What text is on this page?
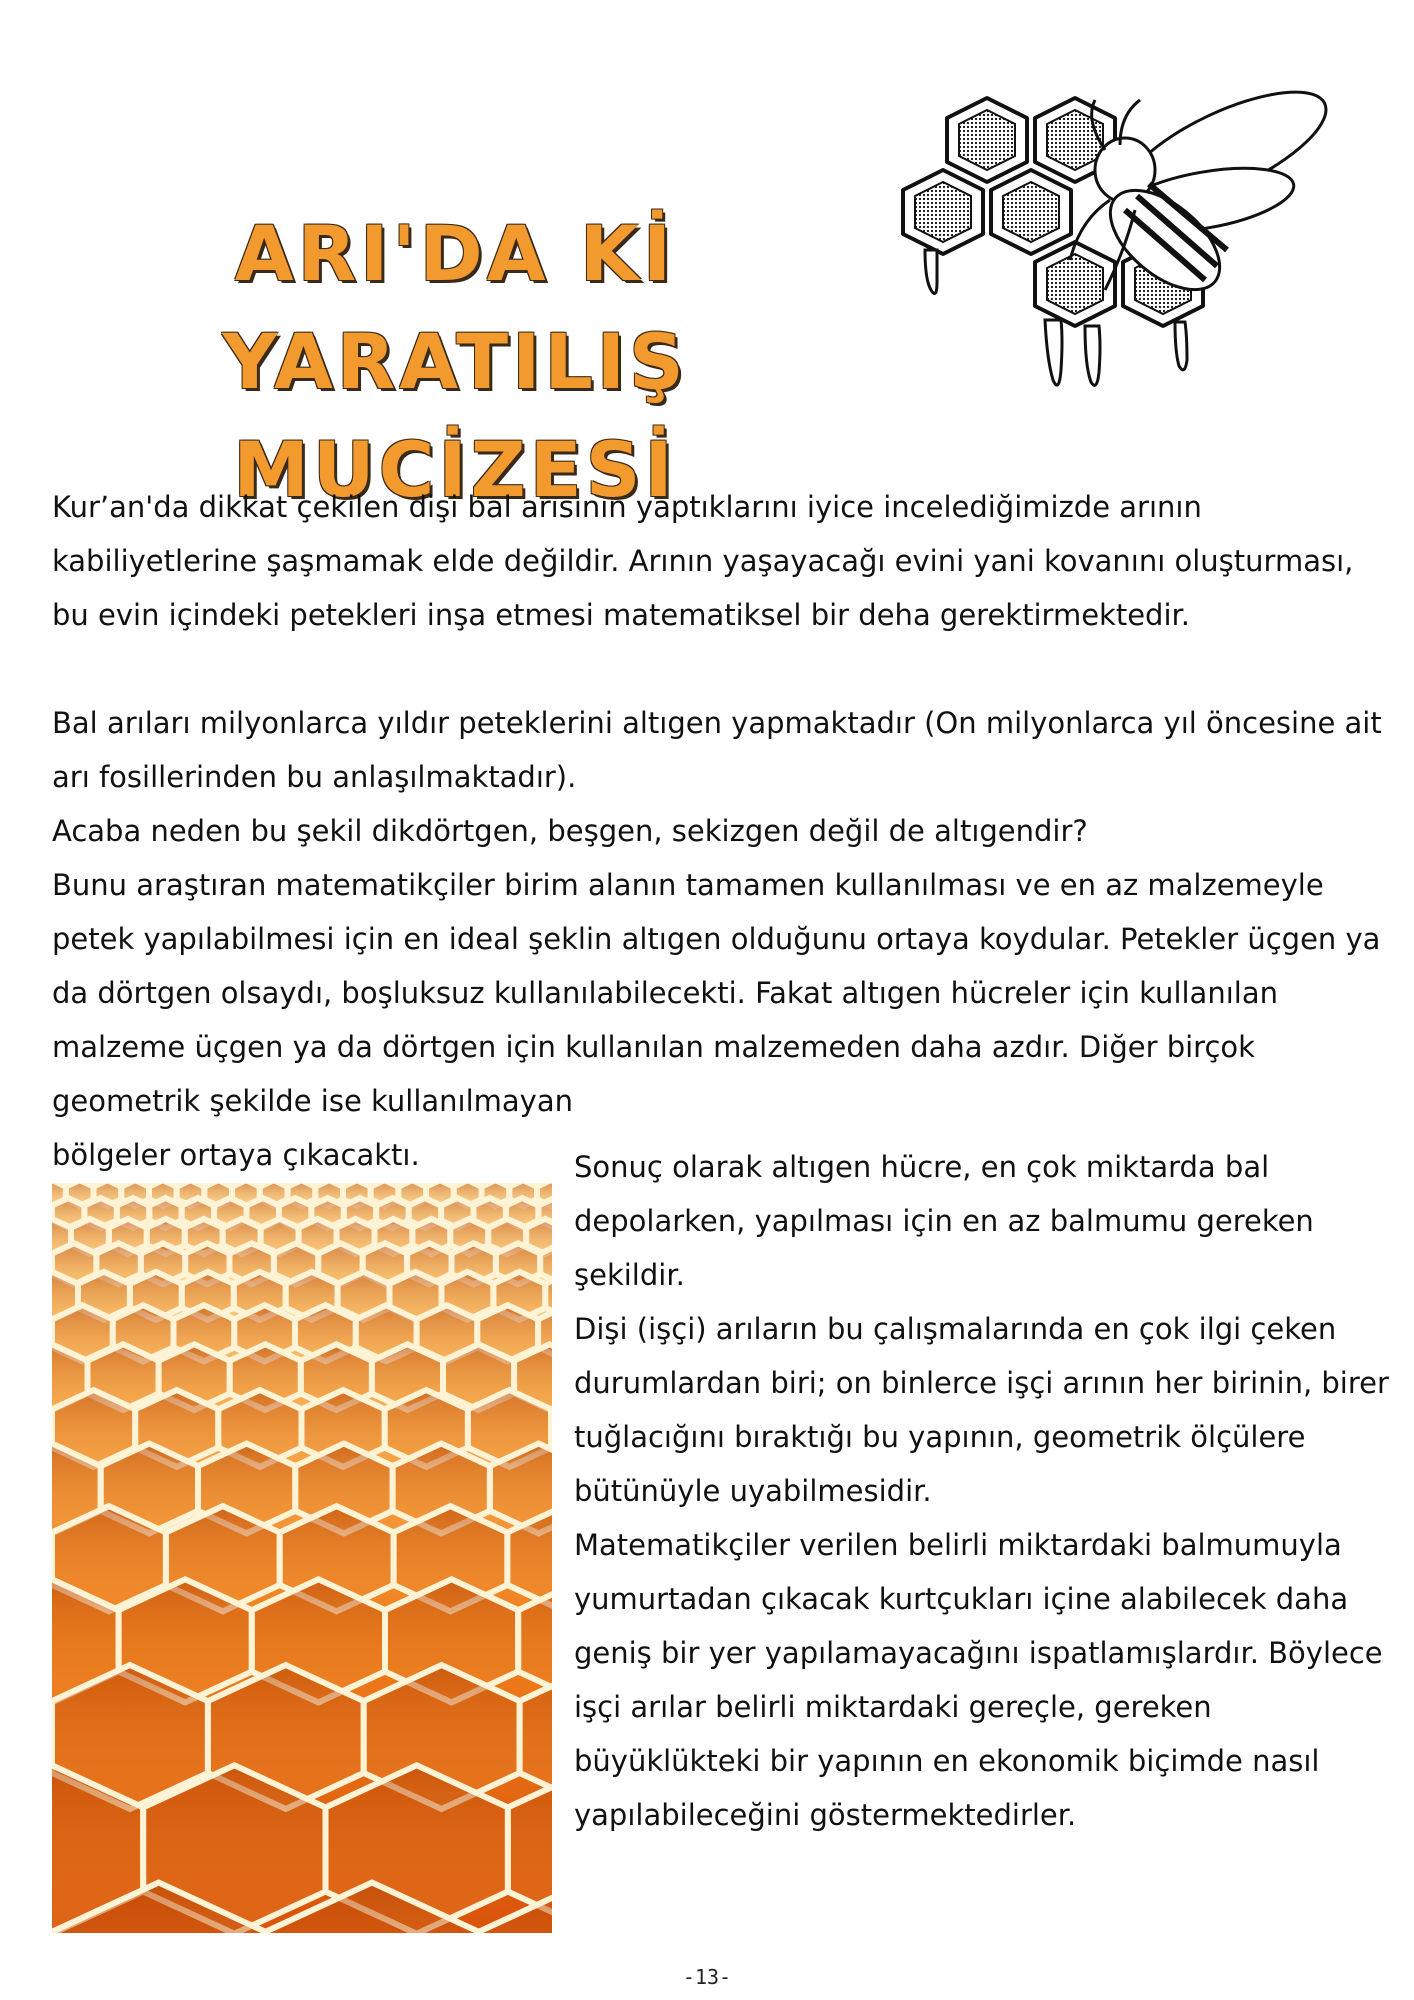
ARI'DA Kİ YARATILIŞ
MUCİZESİ

Kur’an'da dikkat çekilen dişi bal arısının yaptıklarını iyice incelediğimizde arının kabiliyetlerine şaşmamak elde değildir. Arının yaşayacağı evini yani kovanını oluşturması, bu evin içindeki petekleri inşa etmesi matematiksel bir deha gerektirmektedir.

Bal arıları milyonlarca yıldır peteklerini altıgen yapmaktadır (On milyonlarca yıl öncesine ait arı fosillerinden bu anlaşılmaktadır).

Acaba neden bu şekil dikdörtgen, beşgen, sekizgen değil de altıgendir?

Bunu araştıran matematikçiler birim alanın tamamen kullanılması ve en az malzemeyle petek yapılabilmesi için en ideal şeklin altıgen olduğunu ortaya koydular. Petekler üçgen ya da dörtgen olsaydı, boşluksuz kullanılabilecekti. Fakat altıgen hücreler için kullanılan malzeme üçgen ya da dörtgen için kullanılan malzemeden daha azdır. Diğer birçok geometrik şekilde ise kullanılmayan

bölgeler ortaya çıkacaktı.	Sonuç olarak altıgen hücre, en çok miktarda bal depolarken, yapılması için en az balmumu gereken şekildir.

Dişi (işçi) arıların bu çalışmalarında en çok ilgi çeken durumlardan biri; on binlerce işçi arının her birinin, birer tuğlacığını bıraktığı bu yapının, geometrik ölçülere bütünüyle uyabilmesidir.

Matematikçiler verilen belirli miktardaki balmumuyla yumurtadan çıkacak kurtçukları içine alabilecek daha geniş bir yer yapılamayacağını ispatlamışlardır. Böylece işçi arılar belirli miktardaki gereçle, gereken büyüklükteki bir yapının en ekonomik biçimde nasıl yapılabileceğini göstermektedirler.

-13-
